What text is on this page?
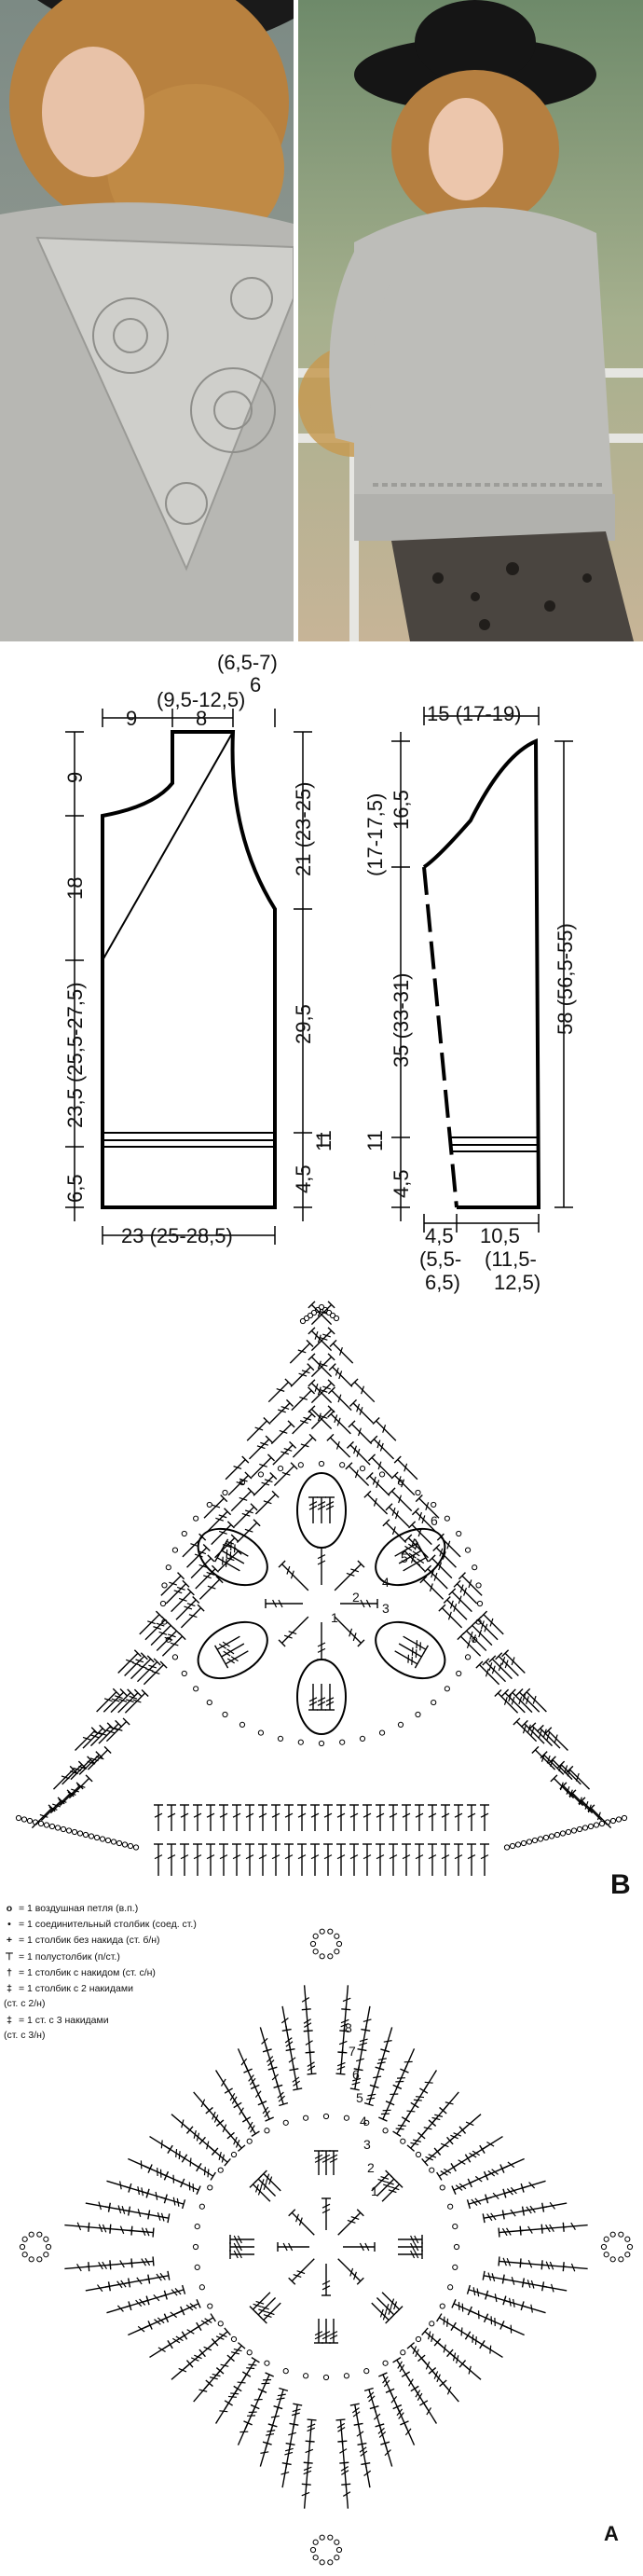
9	8
(6,5-7)
6
(9,5-12,5)
9
18
23,5 (25,5-27,5)
6,5
21 (23-25)
29,5
4,5
11
23 (25-28,5)
15 (17-19)
(17-17,5) 16,5
35 (33-31)
11
4,5
58 (56,5-55)
4,5 10,5
(5,5- (11,5-
6,5) 12,5)
4
5
6
3
2
1
B
o = 1 воздушная петля (в.п.)
• = 1 соединительный столбик (соед. ст.)
+ = 1 столбик без накида (ст. б/н)
⊤ = 1 полустолбик (п/ст.)
† = 1 столбик с накидом (ст. с/н)
‡ = 1 столбик с 2 накидами
(ст. с 2/н)
‡ = 1 ст. с 3 накидами
(ст. с 3/н)
8
7
6
5
4
3
2
1
A
